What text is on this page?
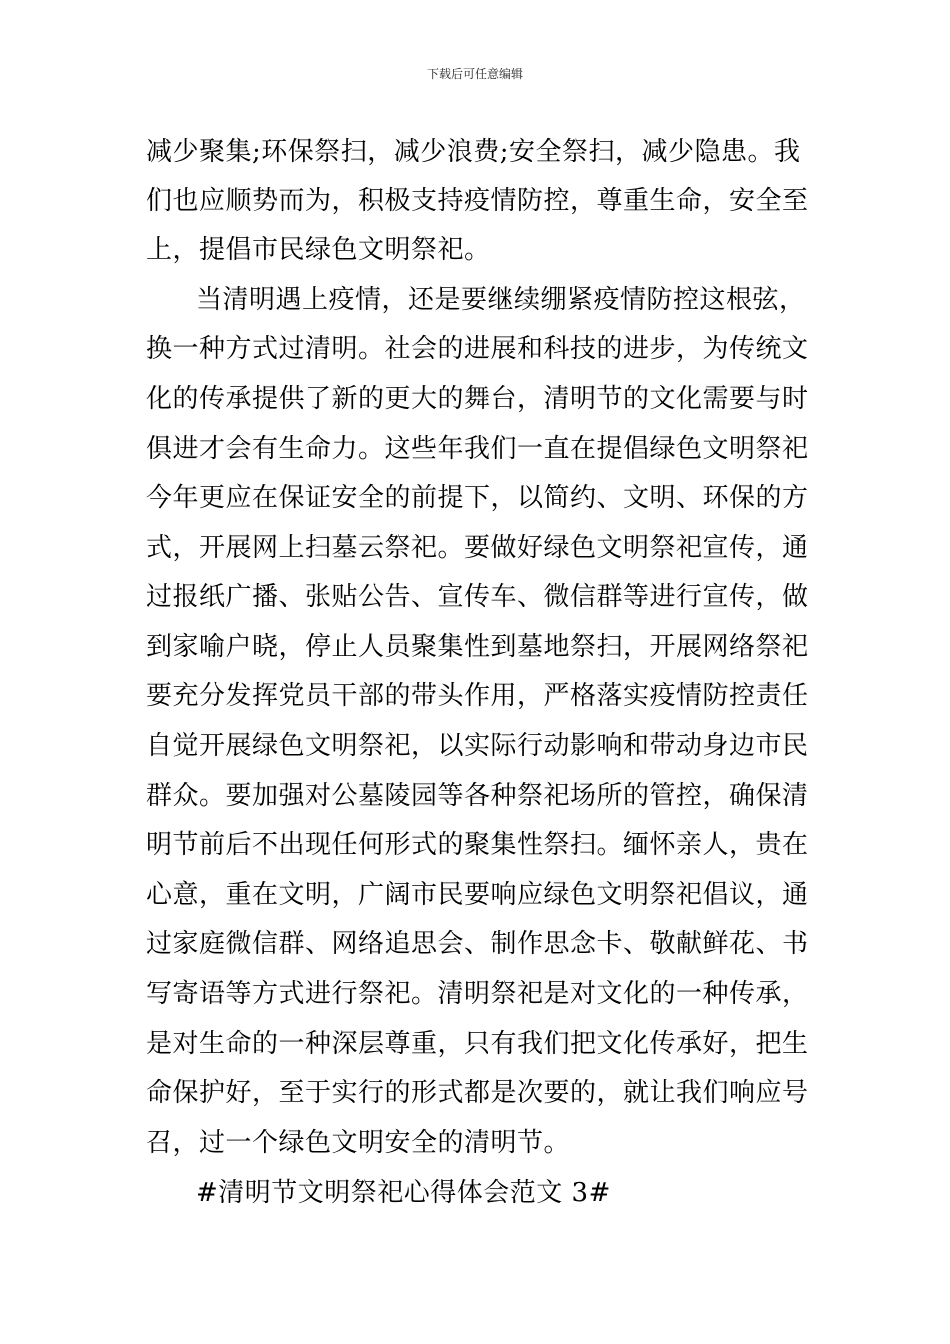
下载后可任意编辑
减少聚集;环保祭扫，减少浪费;安全祭扫，减少隐患。我
们也应顺势而为，积极支持疫情防控，尊重生命，安全至
上，提倡市民绿色文明祭祀。
当清明遇上疫情，还是要继续绷紧疫情防控这根弦，
换一种方式过清明。社会的进展和科技的进步，为传统文
化的传承提供了新的更大的舞台，清明节的文化需要与时
俱进才会有生命力。这些年我们一直在提倡绿色文明祭祀
今年更应在保证安全的前提下，以简约、文明、环保的方
式，开展网上扫墓云祭祀。要做好绿色文明祭祀宣传，通
过报纸广播、张贴公告、宣传车、微信群等进行宣传，做
到家喻户晓，停止人员聚集性到墓地祭扫，开展网络祭祀
要充分发挥党员干部的带头作用，严格落实疫情防控责任
自觉开展绿色文明祭祀，以实际行动影响和带动身边市民
群众。要加强对公墓陵园等各种祭祀场所的管控，确保清
明节前后不出现任何形式的聚集性祭扫。缅怀亲人，贵在
心意，重在文明，广阔市民要响应绿色文明祭祀倡议，通
过家庭微信群、网络追思会、制作思念卡、敬献鲜花、书
写寄语等方式进行祭祀。清明祭祀是对文化的一种传承，
是对生命的一种深层尊重，只有我们把文化传承好，把生
命保护好，至于实行的形式都是次要的，就让我们响应号
召，过一个绿色文明安全的清明节。
#清明节文明祭祀心得体会范文 3#
